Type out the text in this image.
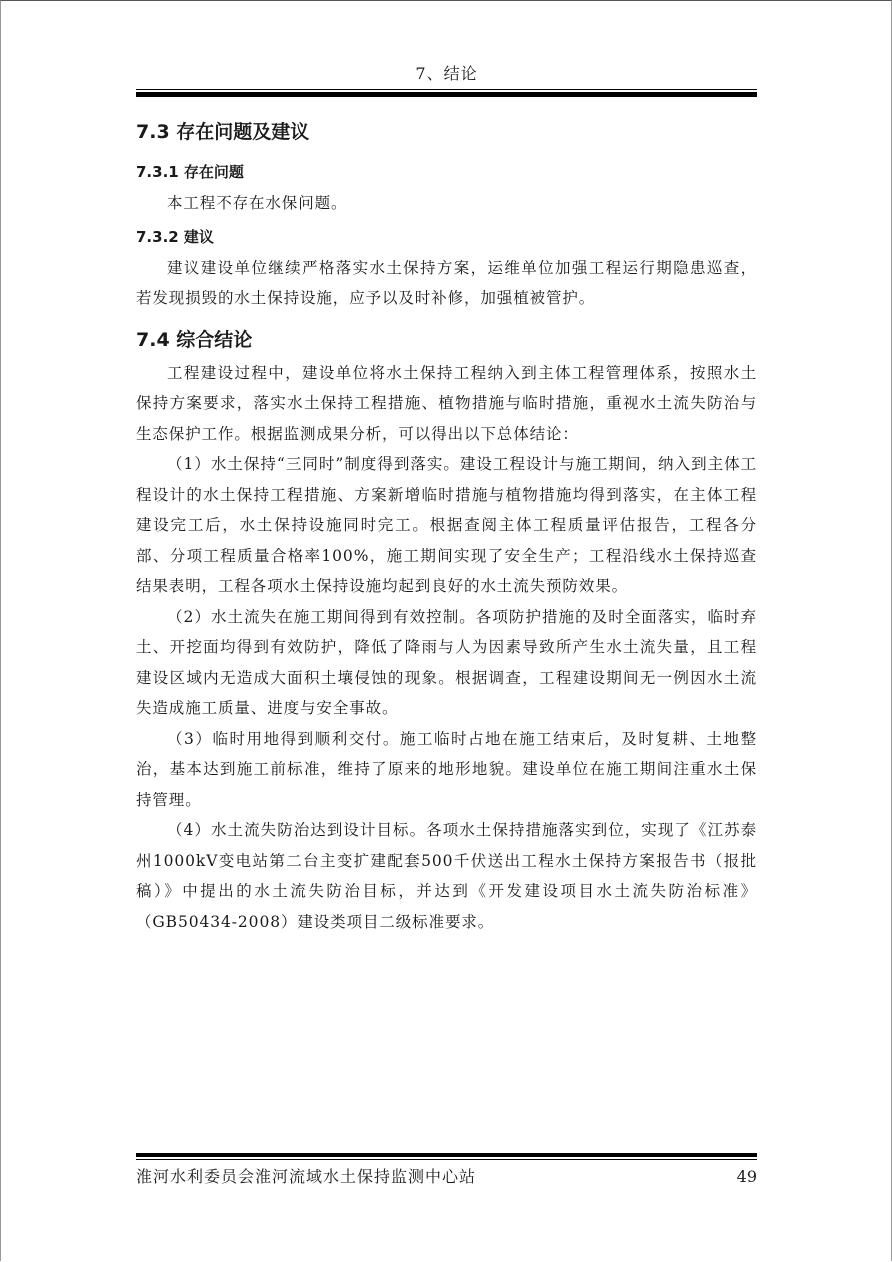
7、结论
7.3 存在问题及建议
7.3.1 存在问题

本工程不存在水保问题。

7.3.2 建议

建议建设单位继续严格落实水土保持方案，运维单位加强工程运行期隐患巡查，若发现损毁的水土保持设施，应予以及时补修，加强植被管护。

7.4 综合结论

工程建设过程中，建设单位将水土保持工程纳入到主体工程管理体系，按照水土保持方案要求，落实水土保持工程措施、植物措施与临时措施，重视水土流失防治与生态保护工作。根据监测成果分析，可以得出以下总体结论：

（1）水土保持“三同时”制度得到落实。建设工程设计与施工期间，纳入到主体工程设计的水土保持工程措施、方案新增临时措施与植物措施均得到落实，在主体工程建设完工后，水土保持设施同时完工。根据查阅主体工程质量评估报告，工程各分部、分项工程质量合格率100%，施工期间实现了安全生产；工程沿线水土保持巡查结果表明，工程各项水土保持设施均起到良好的水土流失预防效果。

（2）水土流失在施工期间得到有效控制。各项防护措施的及时全面落实，临时弃土、开挖面均得到有效防护，降低了降雨与人为因素导致所产生水土流失量，且工程建设区域内无造成大面积土壤侵蚀的现象。根据调查，工程建设期间无一例因水土流失造成施工质量、进度与安全事故。

（3）临时用地得到顺利交付。施工临时占地在施工结束后，及时复耕、土地整治，基本达到施工前标准，维持了原来的地形地貌。建设单位在施工期间注重水土保持管理。

（4）水土流失防治达到设计目标。各项水土保持措施落实到位，实现了《江苏泰州1000kV变电站第二台主变扩建配套500千伏送出工程水土保持方案报告书（报批稿）》中提出的水土流失防治目标，并达到《开发建设项目水土流失防治标准》（GB50434-2008）建设类项目二级标准要求。

淮河水利委员会淮河流域水土保持监测中心站	49
